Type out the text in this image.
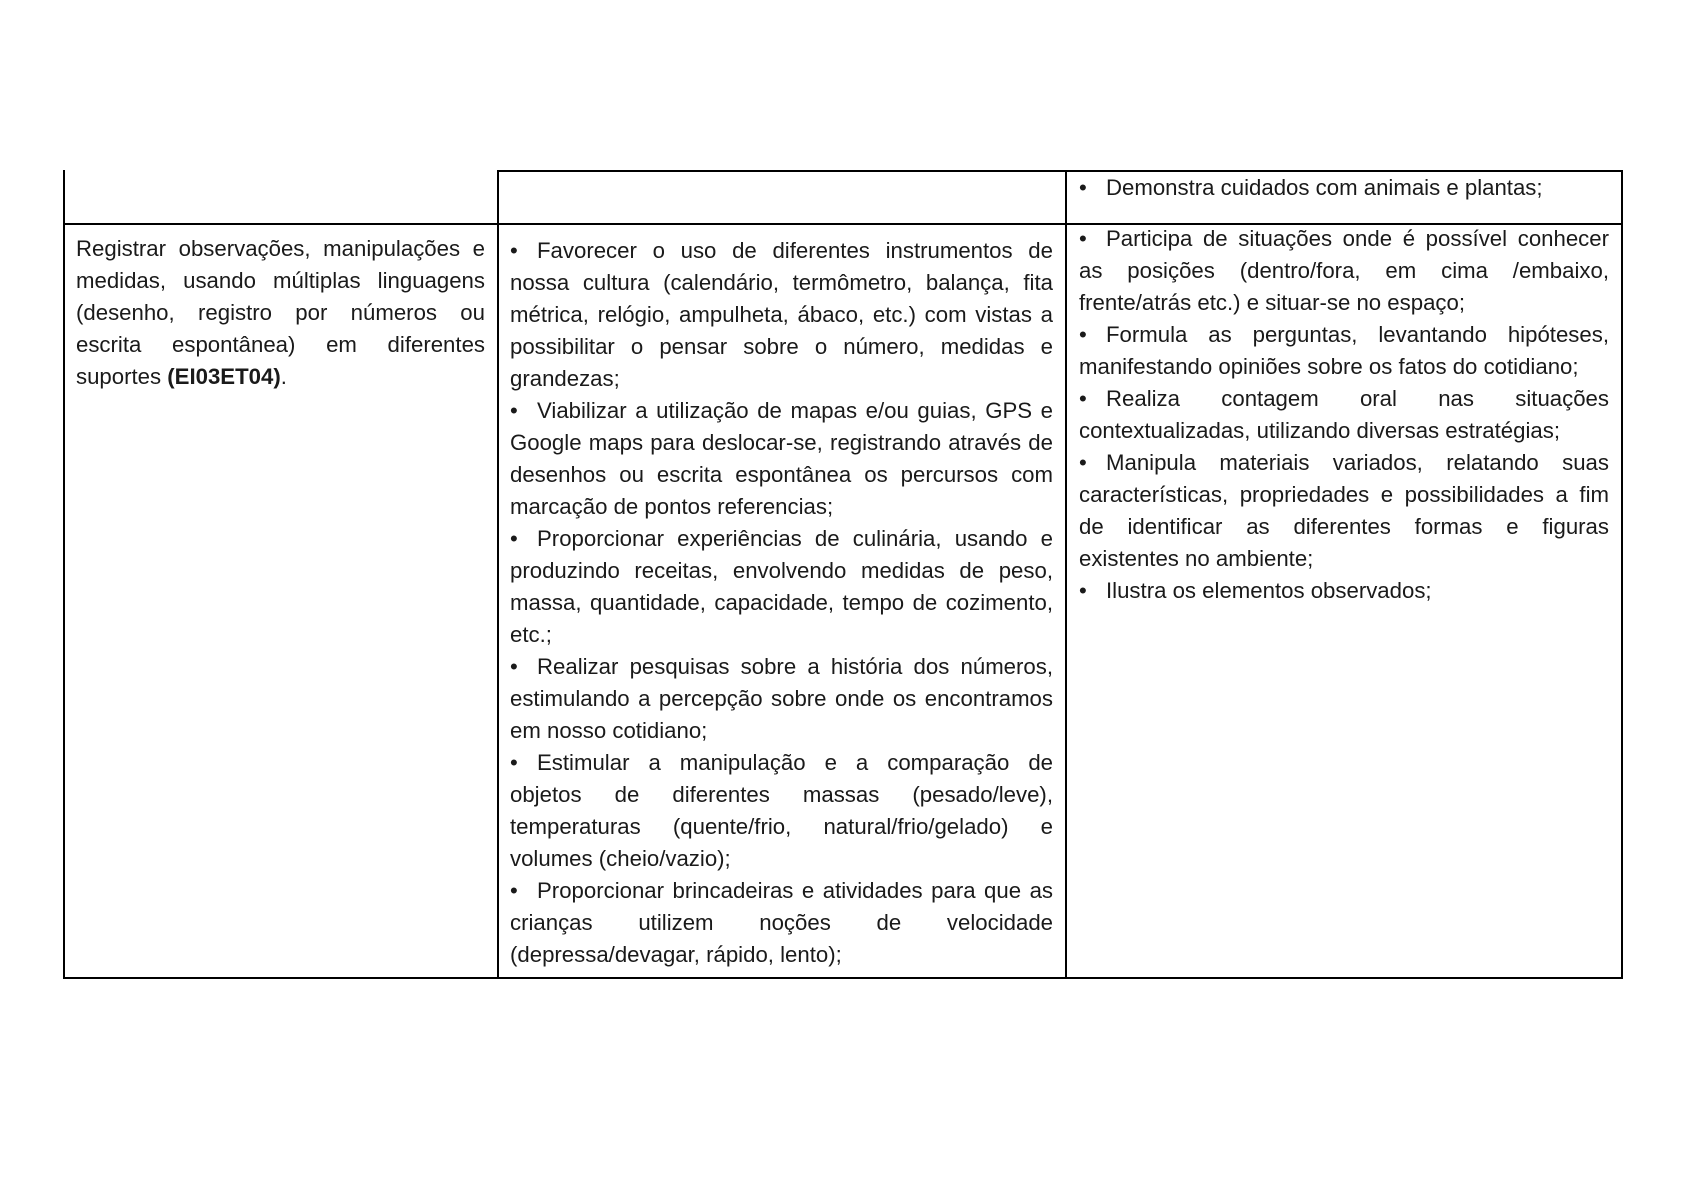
• Demonstra cuidados com animais e plantas;

Registrar observações, manipulações e medidas, usando múltiplas linguagens (desenho, registro por números ou escrita espontânea) em diferentes suportes (EI03ET04).

• Favorecer o uso de diferentes instrumentos de nossa cultura (calendário, termômetro, balança, fita métrica, relógio, ampulheta, ábaco, etc.) com vistas a possibilitar o pensar sobre o número, medidas e grandezas;

• Viabilizar a utilização de mapas e/ou guias, GPS e Google maps para deslocar-se, registrando através de desenhos ou escrita espontânea os percursos com marcação de pontos referencias;

• Proporcionar experiências de culinária, usando e produzindo receitas, envolvendo medidas de peso, massa, quantidade, capacidade, tempo de cozimento, etc.;

• Realizar pesquisas sobre a história dos números, estimulando a percepção sobre onde os encontramos em nosso cotidiano;

• Estimular a manipulação e a comparação de objetos de diferentes massas (pesado/leve), temperaturas (quente/frio, natural/frio/gelado) e volumes (cheio/vazio);

• Proporcionar brincadeiras e atividades para que as crianças utilizem noções de velocidade (depressa/devagar, rápido, lento);

• Participa de situações onde é possível conhecer as posições (dentro/fora, em cima /embaixo, frente/atrás etc.) e situar-se no espaço;

• Formula as perguntas, levantando hipóteses, manifestando opiniões sobre os fatos do cotidiano;

• Realiza contagem oral nas situações contextualizadas, utilizando diversas estratégias;

• Manipula materiais variados, relatando suas características, propriedades e possibilidades a fim de identificar as diferentes formas e figuras existentes no ambiente;

• Ilustra os elementos observados;
